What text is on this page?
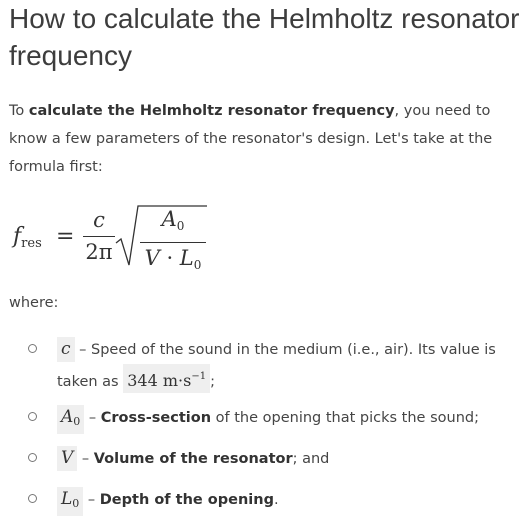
How to calculate the Helmholtz resonator frequency

To calculate the Helmholtz resonator frequency, you need to know a few parameters of the resonator's design. Let's take at the formula first:

$f_{res}$ =
c
2π
$A_0$
$V \cdot L_0$
where:
c – Speed of the sound in the medium (i.e., air). Its value is taken as 344 $m\cdot s^{-1}$ ;
$A_0$ – Cross-section of the opening that picks the sound;
V – Volume of the resonator; and
$L_0$ – Depth of the opening.
